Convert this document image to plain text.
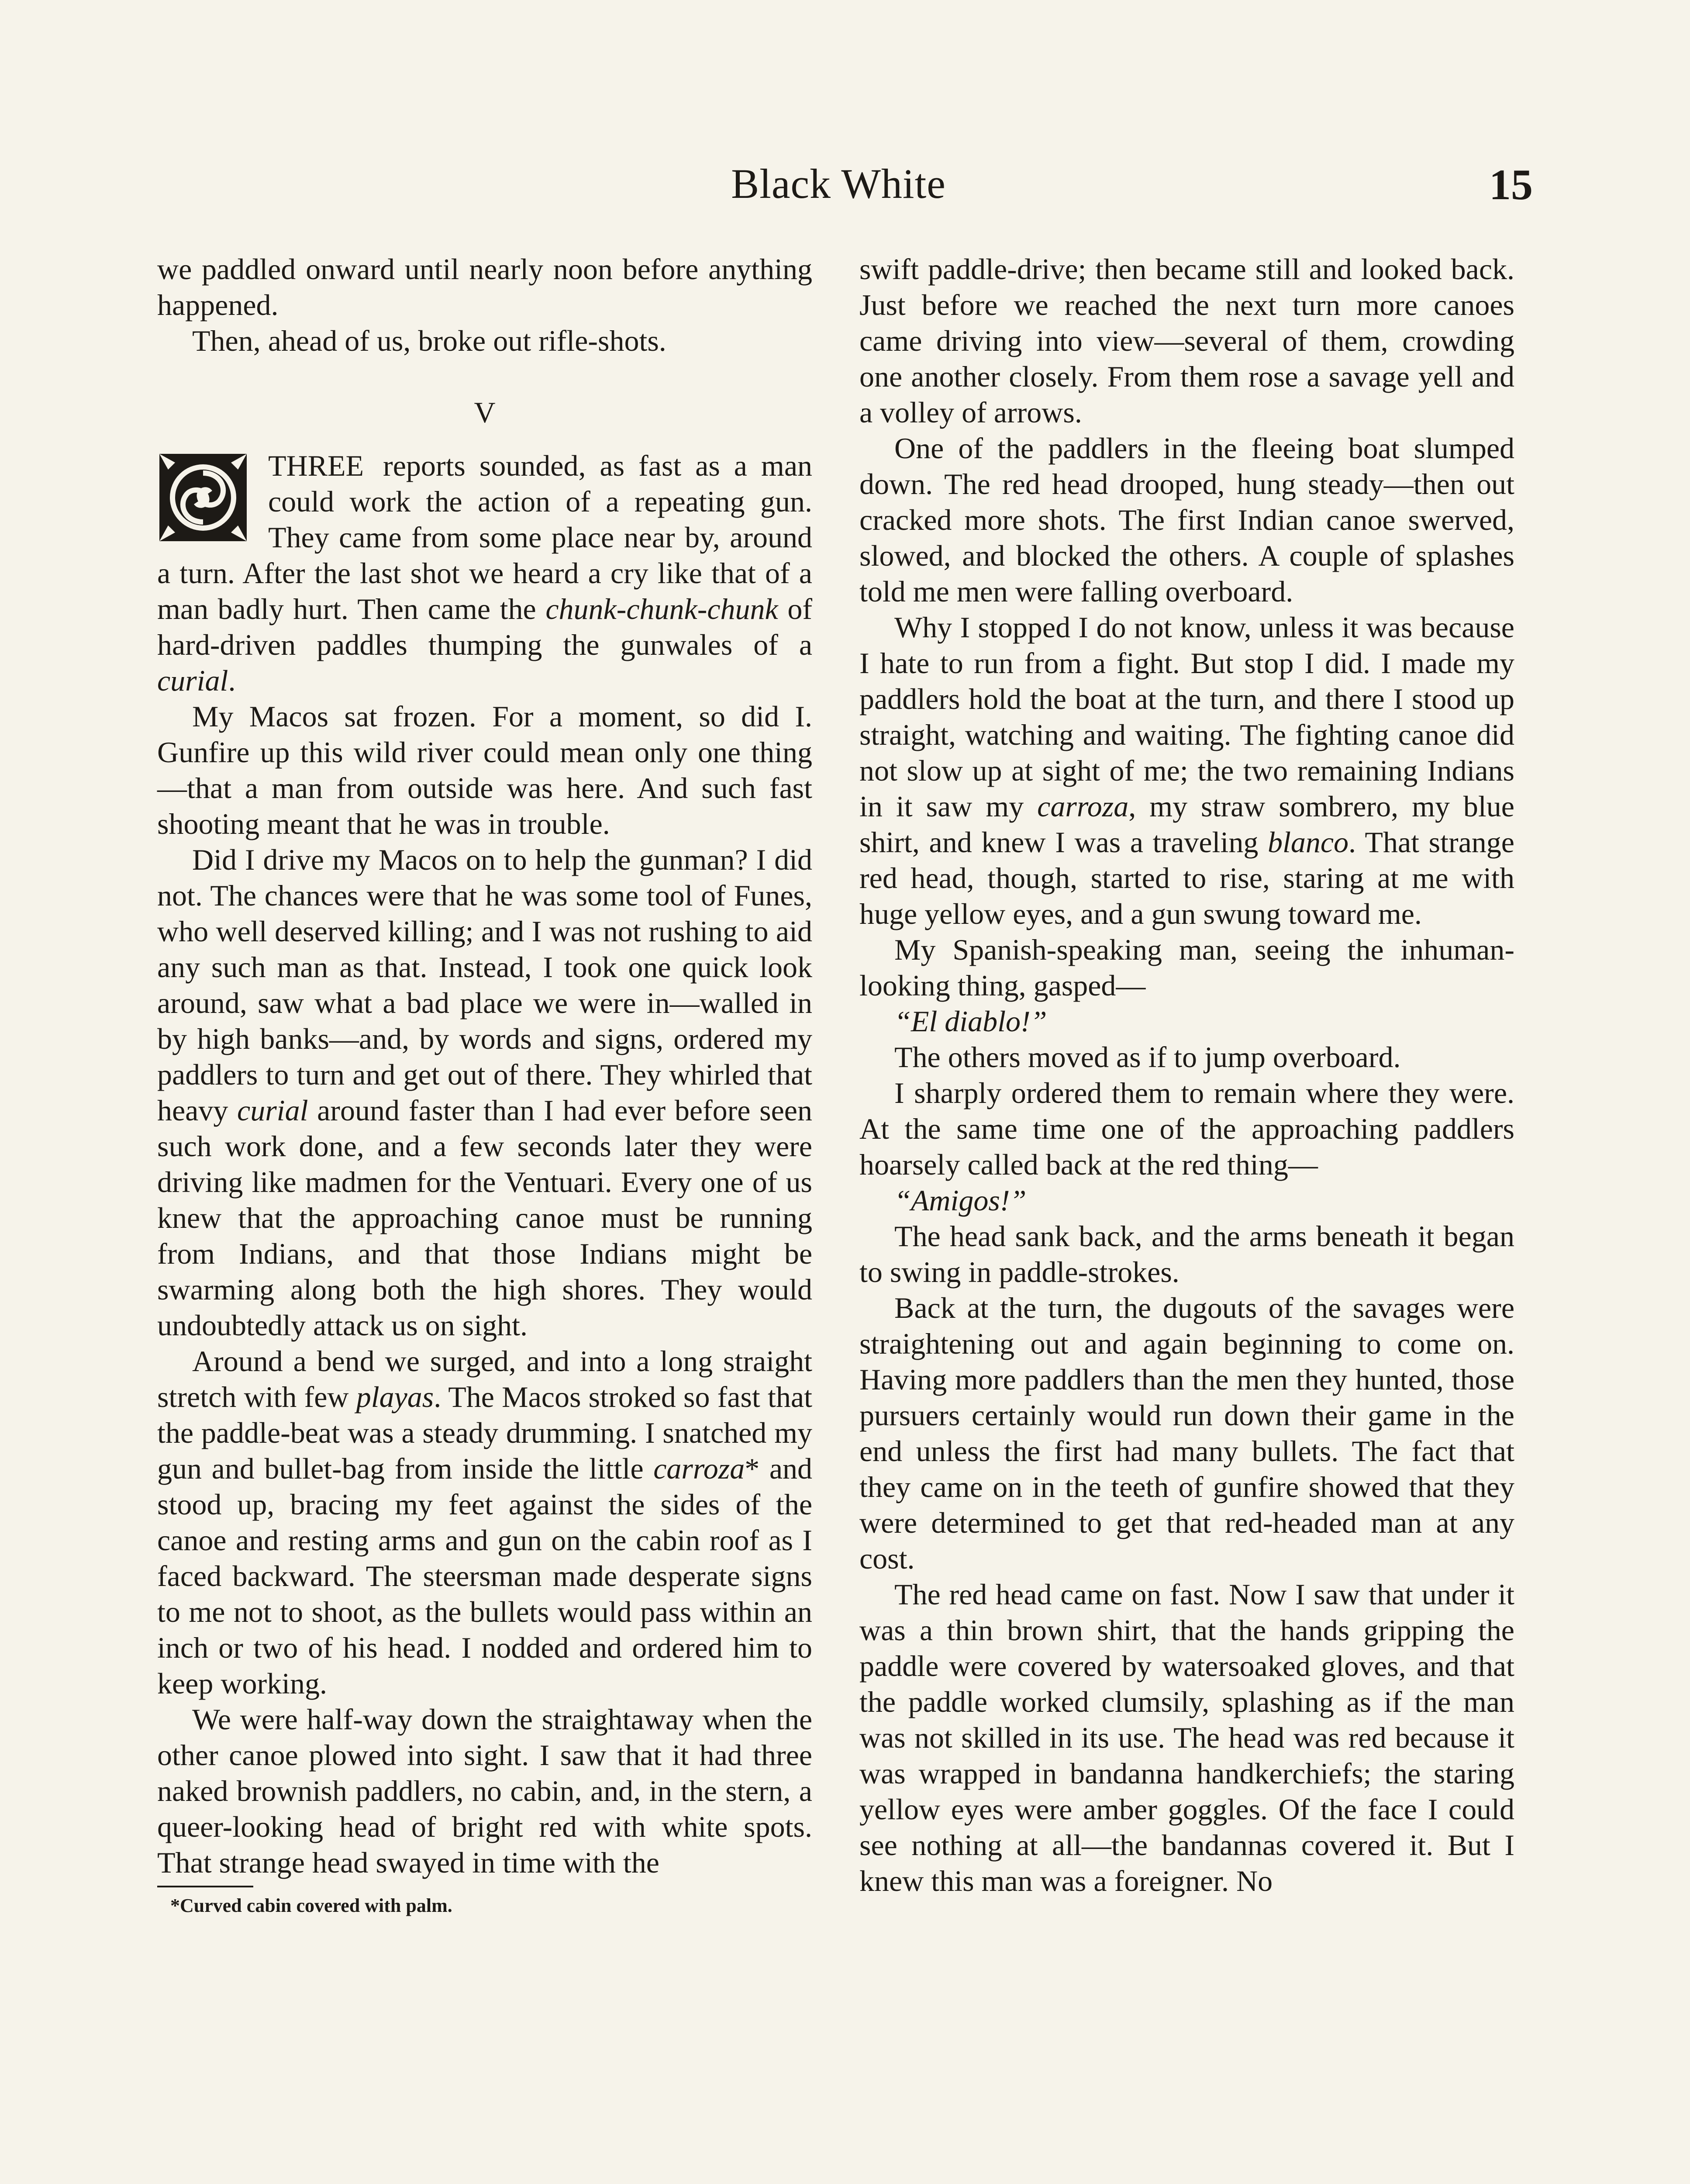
Black White	15

we paddled onward until nearly noon before anything happened.

Then, ahead of us, broke out rifle-shots.

V

THREE reports sounded, as fast as a man could work the action of a repeating gun. They came from some place near by, around a turn. After the last shot we heard a cry like that of a man badly hurt. Then came the chunk-chunk-chunk of hard-driven paddles thumping the gunwales of a curial.

My Macos sat frozen. For a moment, so did I. Gunfire up this wild river could mean only one thing—that a man from outside was here. And such fast shooting meant that he was in trouble.

Did I drive my Macos on to help the gunman? I did not. The chances were that he was some tool of Funes, who well deserved killing; and I was not rushing to aid any such man as that. Instead, I took one quick look around, saw what a bad place we were in—walled in by high banks—and, by words and signs, ordered my paddlers to turn and get out of there. They whirled that heavy curial around faster than I had ever before seen such work done, and a few seconds later they were driving like madmen for the Ventuari. Every one of us knew that the approaching canoe must be running from Indians, and that those Indians might be swarming along both the high shores. They would undoubtedly attack us on sight.

Around a bend we surged, and into a long straight stretch with few playas. The Macos stroked so fast that the paddle-beat was a steady drumming. I snatched my gun and bullet-bag from inside the little carroza* and stood up, bracing my feet against the sides of the canoe and resting arms and gun on the cabin roof as I faced backward. The steersman made desperate signs to me not to shoot, as the bullets would pass within an inch or two of his head. I nodded and ordered him to keep working.

We were half-way down the straightaway when the other canoe plowed into sight. I saw that it had three naked brownish paddlers, no cabin, and, in the stern, a queer-looking head of bright red with white spots. That strange head swayed in time with the

*Curved cabin covered with palm.

swift paddle-drive; then became still and looked back. Just before we reached the next turn more canoes came driving into view—several of them, crowding one another closely. From them rose a savage yell and a volley of arrows.

One of the paddlers in the fleeing boat slumped down. The red head drooped, hung steady—then out cracked more shots. The first Indian canoe swerved, slowed, and blocked the others. A couple of splashes told me men were falling overboard.

Why I stopped I do not know, unless it was because I hate to run from a fight. But stop I did. I made my paddlers hold the boat at the turn, and there I stood up straight, watching and waiting. The fighting canoe did not slow up at sight of me; the two remaining Indians in it saw my carroza, my straw sombrero, my blue shirt, and knew I was a traveling blanco. That strange red head, though, started to rise, staring at me with huge yellow eyes, and a gun swung toward me.

My Spanish-speaking man, seeing the inhuman-looking thing, gasped—

“El diablo!”

The others moved as if to jump overboard.

I sharply ordered them to remain where they were. At the same time one of the approaching paddlers hoarsely called back at the red thing—

“Amigos!”

The head sank back, and the arms beneath it began to swing in paddle-strokes.

Back at the turn, the dugouts of the savages were straightening out and again beginning to come on. Having more paddlers than the men they hunted, those pursuers certainly would run down their game in the end unless the first had many bullets. The fact that they came on in the teeth of gunfire showed that they were determined to get that red-headed man at any cost.

The red head came on fast. Now I saw that under it was a thin brown shirt, that the hands gripping the paddle were covered by watersoaked gloves, and that the paddle worked clumsily, splashing as if the man was not skilled in its use. The head was red because it was wrapped in bandanna handkerchiefs; the staring yellow eyes were amber goggles. Of the face I could see nothing at all—the bandannas covered it. But I knew this man was a foreigner. No
